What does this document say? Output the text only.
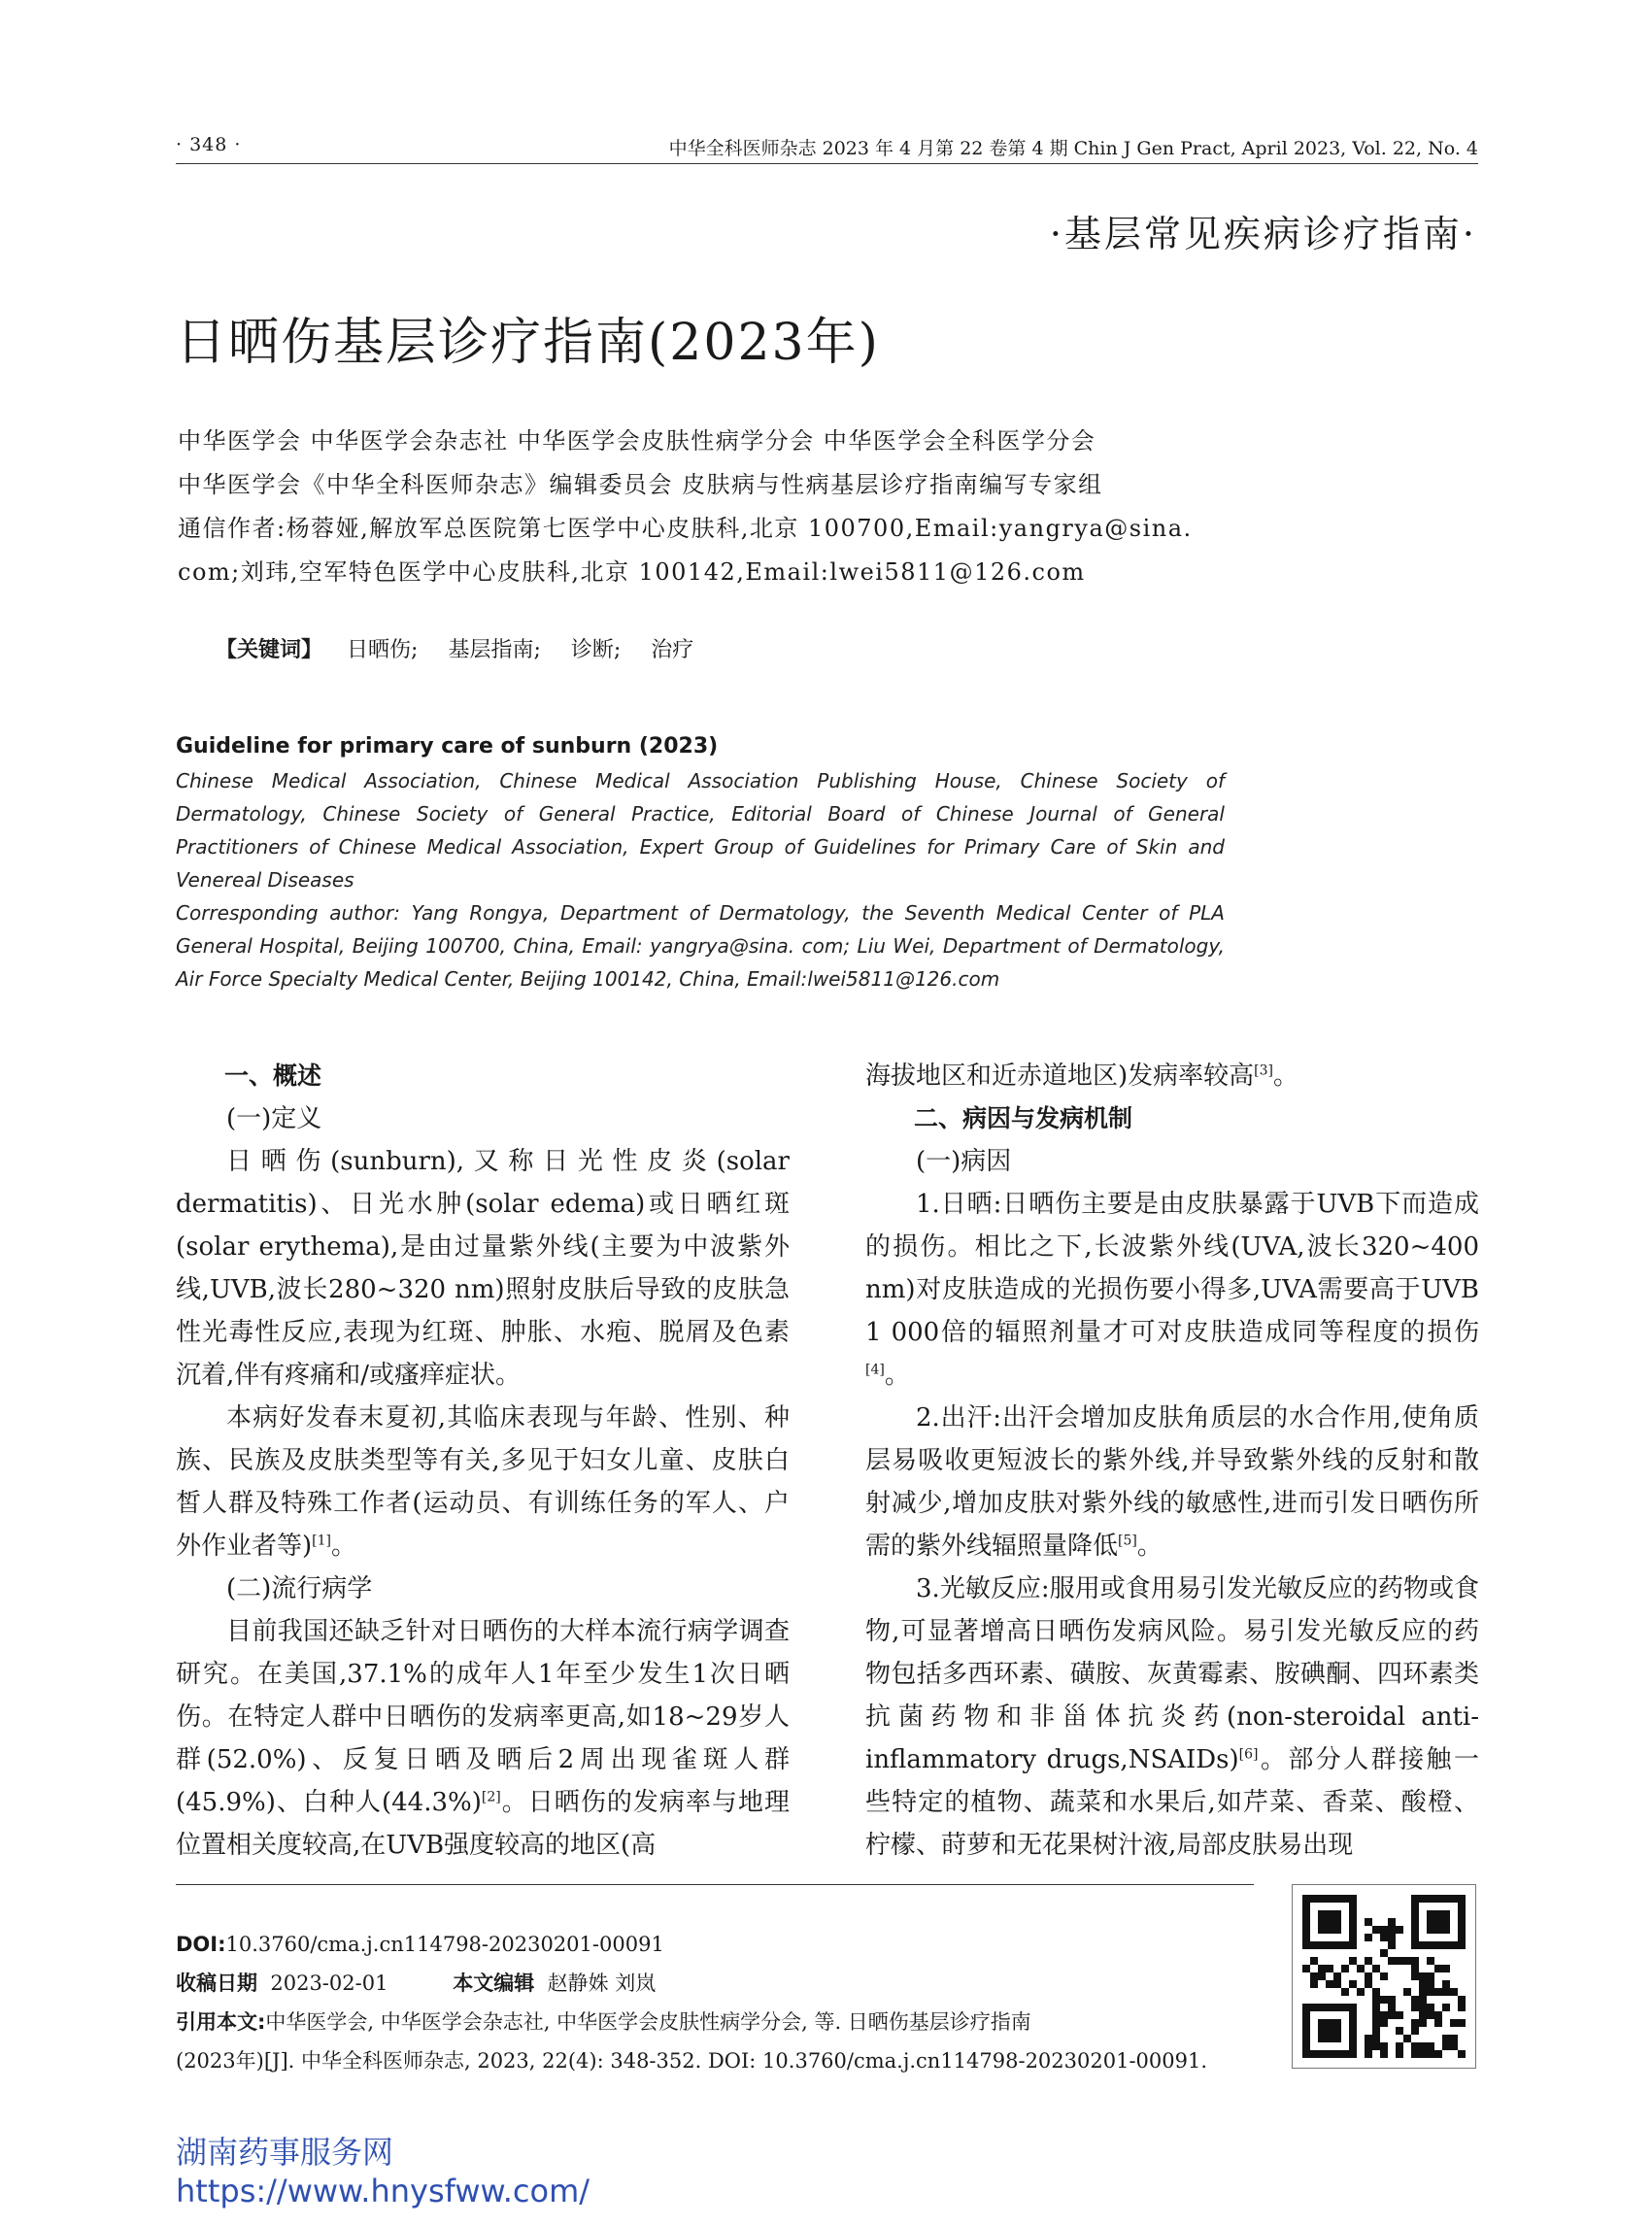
· 348 ·	中华全科医师杂志 2023 年 4 月第 22 卷第 4 期 Chin J Gen Pract, April 2023, Vol. 22, No. 4
·基层常见疾病诊疗指南·
日晒伤基层诊疗指南(2023年)
中华医学会 中华医学会杂志社 中华医学会皮肤性病学分会 中华医学会全科医学分会
中华医学会《中华全科医师杂志》编辑委员会 皮肤病与性病基层诊疗指南编写专家组
通信作者:杨蓉娅,解放军总医院第七医学中心皮肤科,北京 100700,Email:yangrya@sina.
com;刘玮,空军特色医学中心皮肤科,北京 100142,Email:lwei5811@126.com
【关键词】 日晒伤; 基层指南; 诊断; 治疗
Guideline for primary care of sunburn (2023)
Chinese Medical Association, Chinese Medical Association Publishing House, Chinese Society of Dermatology, Chinese Society of General Practice, Editorial Board of Chinese Journal of General Practitioners of Chinese Medical Association, Expert Group of Guidelines for Primary Care of Skin and Venereal Diseases
Corresponding author: Yang Rongya, Department of Dermatology, the Seventh Medical Center of PLA General Hospital, Beijing 100700, China, Email: yangrya@sina. com; Liu Wei, Department of Dermatology, Air Force Specialty Medical Center, Beijing 100142, China, Email:lwei5811@126.com

一、概述

(一)定义

日晒伤(sunburn),又称日光性皮炎(solar dermatitis)、日光水肿(solar edema)或日晒红斑(solar erythema),是由过量紫外线(主要为中波紫外线,UVB,波长280~320 nm)照射皮肤后导致的皮肤急性光毒性反应,表现为红斑、肿胀、水疱、脱屑及色素沉着,伴有疼痛和/或瘙痒症状。

本病好发春末夏初,其临床表现与年龄、性别、种族、民族及皮肤类型等有关,多见于妇女儿童、皮肤白皙人群及特殊工作者(运动员、有训练任务的军人、户外作业者等)[1]。

(二)流行病学

目前我国还缺乏针对日晒伤的大样本流行病学调查研究。在美国,37.1%的成年人1年至少发生1次日晒伤。在特定人群中日晒伤的发病率更高,如18~29岁人群(52.0%)、反复日晒及晒后2周出现雀斑人群(45.9%)、白种人(44.3%)[2]。日晒伤的发病率与地理位置相关度较高,在UVB强度较高的地区(高

海拔地区和近赤道地区)发病率较高[3]。

二、病因与发病机制

(一)病因

1.日晒:日晒伤主要是由皮肤暴露于UVB下而造成的损伤。相比之下,长波紫外线(UVA,波长320~400 nm)对皮肤造成的光损伤要小得多,UVA需要高于UVB 1 000倍的辐照剂量才可对皮肤造成同等程度的损伤[4]。

2.出汗:出汗会增加皮肤角质层的水合作用,使角质层易吸收更短波长的紫外线,并导致紫外线的反射和散射减少,增加皮肤对紫外线的敏感性,进而引发日晒伤所需的紫外线辐照量降低[5]。

3.光敏反应:服用或食用易引发光敏反应的药物或食物,可显著增高日晒伤发病风险。易引发光敏反应的药物包括多西环素、磺胺、灰黄霉素、胺碘酮、四环素类抗菌药物和非甾体抗炎药(non-steroidal anti-inflammatory drugs,NSAIDs)[6]。部分人群接触一些特定的植物、蔬菜和水果后,如芹菜、香菜、酸橙、柠檬、莳萝和无花果树汁液,局部皮肤易出现

DOI:10.3760/cma.j.cn114798-20230201-00091
收稿日期 2023-02-01	本文编辑 赵静姝 刘岚
引用本文:中华医学会, 中华医学会杂志社, 中华医学会皮肤性病学分会, 等. 日晒伤基层诊疗指南
(2023年)[J]. 中华全科医师杂志, 2023, 22(4): 348-352. DOI: 10.3760/cma.j.cn114798-20230201-00091.
湖南药事服务网
https://www.hnysfww.com/
